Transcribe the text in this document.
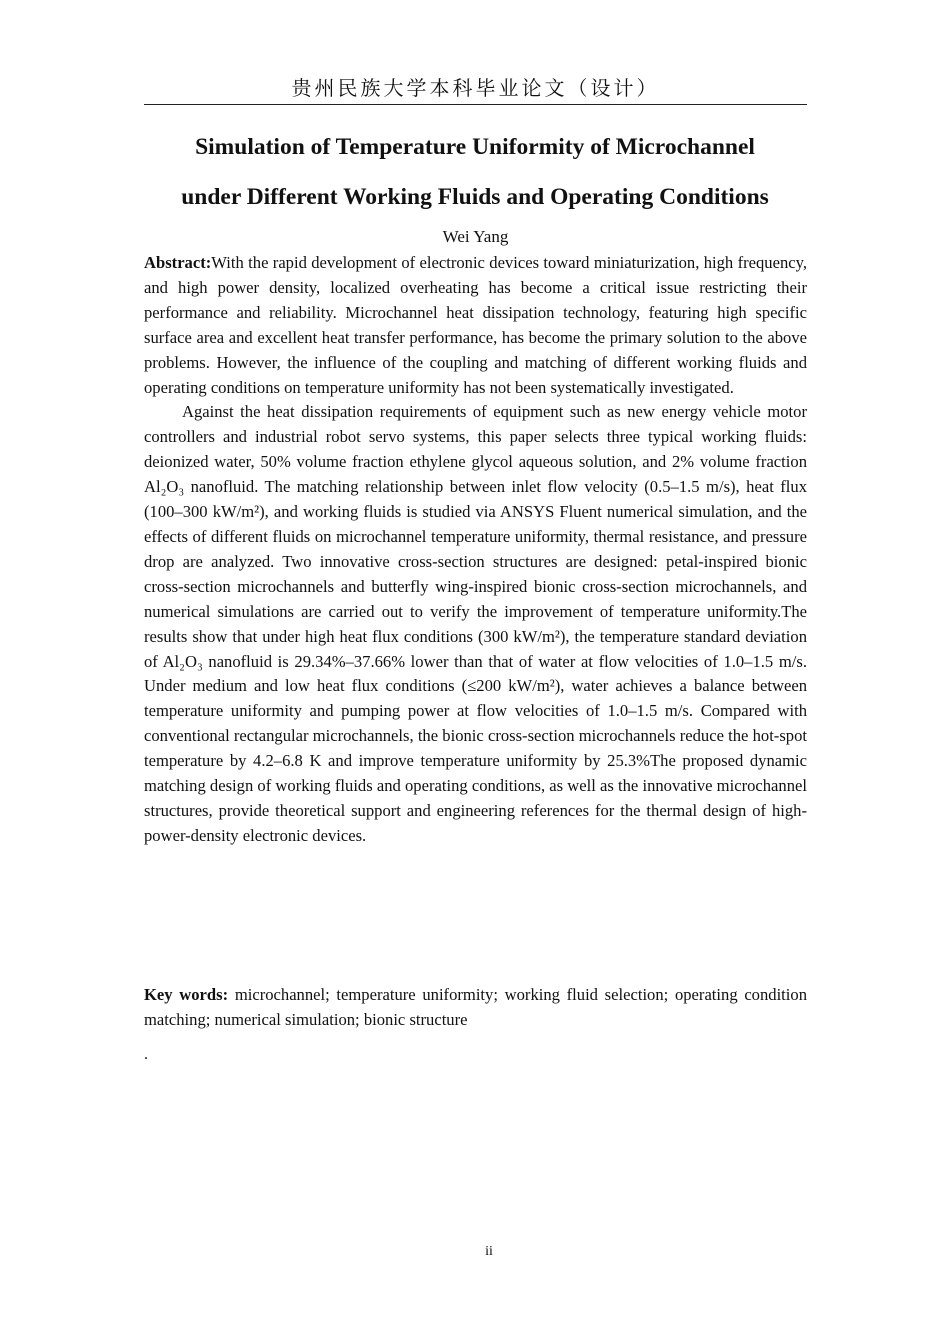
贵州民族大学本科毕业论文（设计）
Simulation of Temperature Uniformity of Microchannel
under Different Working Fluids and Operating Conditions
Wei Yang

Abstract:With the rapid development of electronic devices toward miniaturization, high frequency, and high power density, localized overheating has become a critical issue restricting their performance and reliability. Microchannel heat dissipation technology, featuring high specific surface area and excellent heat transfer performance, has become the primary solution to the above problems. However, the influence of the coupling and matching of different working fluids and operating conditions on temperature uniformity has not been systematically investigated.

Against the heat dissipation requirements of equipment such as new energy vehicle motor controllers and industrial robot servo systems, this paper selects three typical working fluids: deionized water, 50% volume fraction ethylene glycol aqueous solution, and 2% volume fraction Al₂O₃ nanofluid. The matching relationship between inlet flow velocity (0.5–1.5 m/s), heat flux (100–300 kW/m²), and working fluids is studied via ANSYS Fluent numerical simulation, and the effects of different fluids on microchannel temperature uniformity, thermal resistance, and pressure drop are analyzed. Two innovative cross-section structures are designed: petal-inspired bionic cross-section microchannels and butterfly wing-inspired bionic cross-section microchannels, and numerical simulations are carried out to verify the improvement of temperature uniformity.The results show that under high heat flux conditions (300 kW/m²), the temperature standard deviation of Al₂O₃ nanofluid is 29.34%–37.66% lower than that of water at flow velocities of 1.0–1.5 m/s. Under medium and low heat flux conditions (≤200 kW/m²), water achieves a balance between temperature uniformity and pumping power at flow velocities of 1.0–1.5 m/s. Compared with conventional rectangular microchannels, the bionic cross-section microchannels reduce the hot-spot temperature by 4.2–6.8 K and improve temperature uniformity by 25.3%The proposed dynamic matching design of working fluids and operating conditions, as well as the innovative microchannel structures, provide theoretical support and engineering references for the thermal design of high-power-density electronic devices.

Key words: microchannel; temperature uniformity; working fluid selection; operating condition matching; numerical simulation; bionic structure

.
ii
